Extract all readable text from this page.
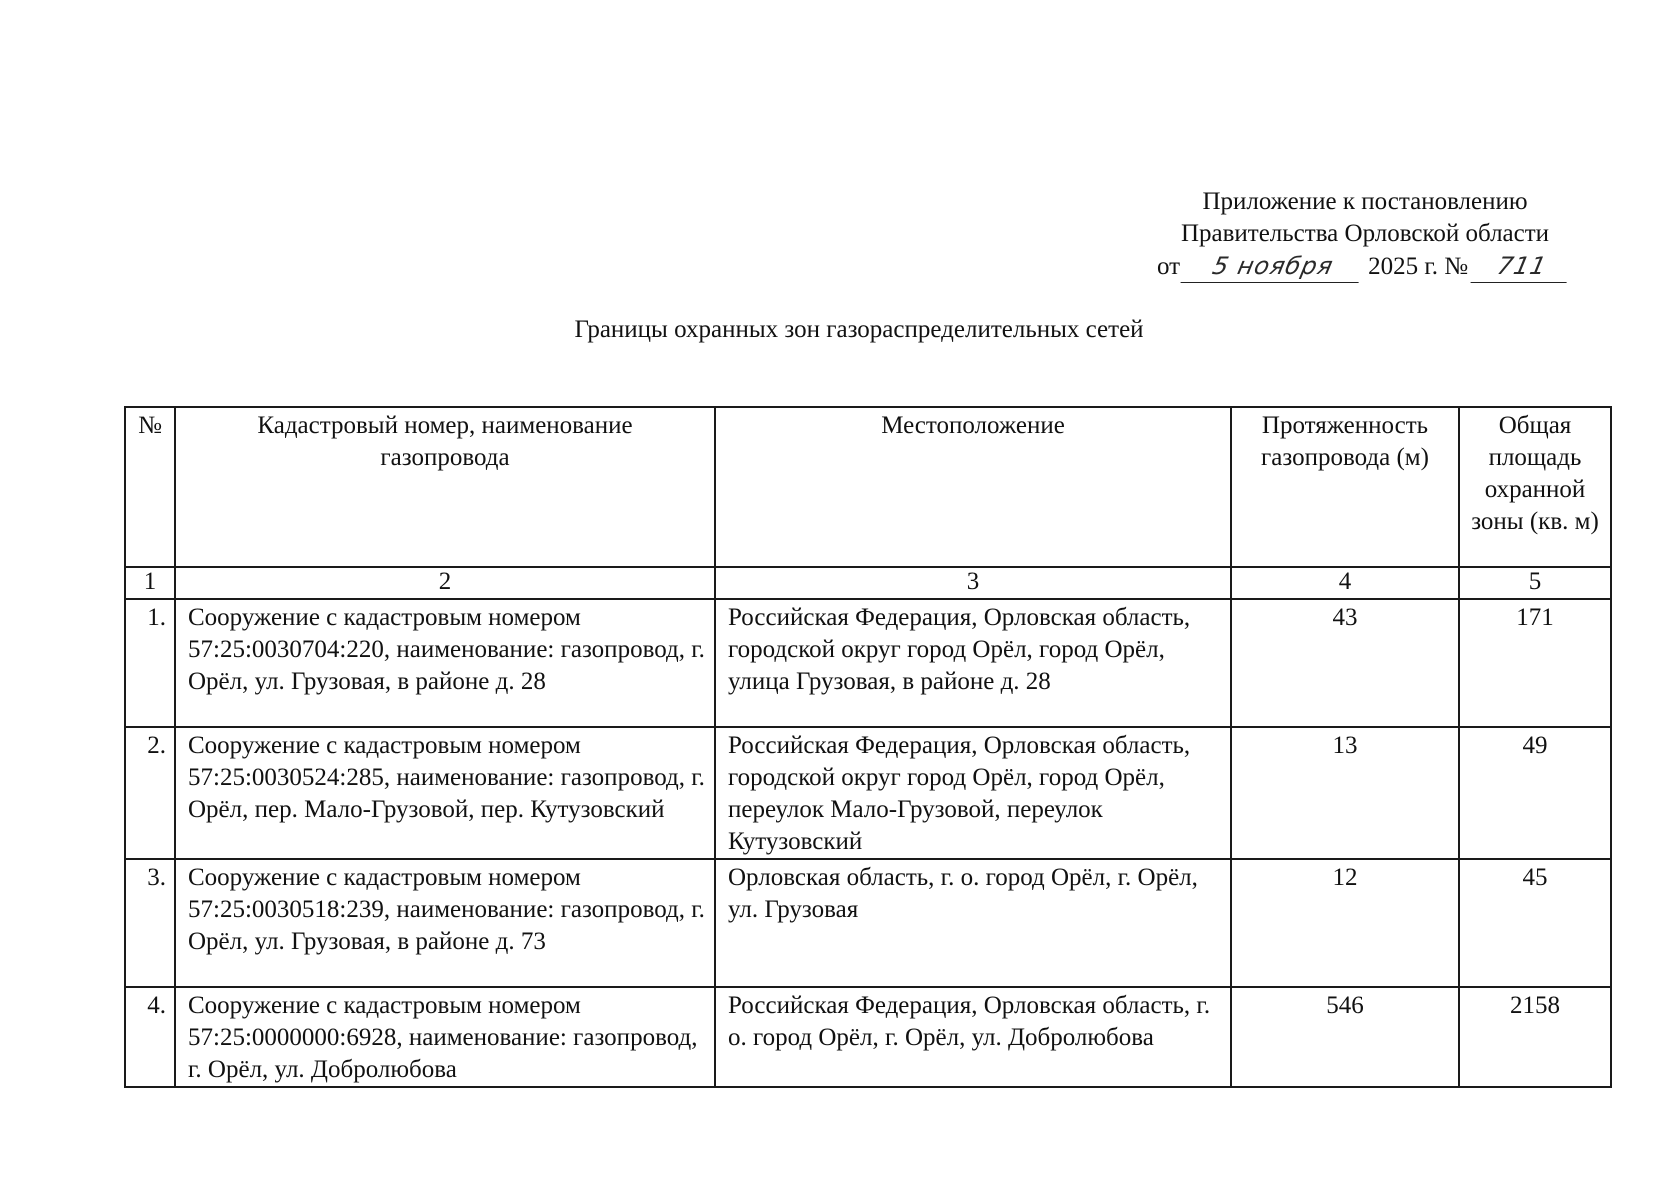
Приложение к постановлению
Правительства Орловской области
от 5 ноября 2025 г. № 711
Границы охранных зон газораспределительных сетей
№	Кадастровый номер, наименование газопровода	Местоположение	Протяженность газопровода (м)	Общая площадь охранной зоны (кв. м)
1	2	3	4	5
1.	Сооружение с кадастровым номером 57:25:0030704:220, наименование: газопровод, г. Орёл, ул. Грузовая, в районе д. 28	Российская Федерация, Орловская область, городской округ город Орёл, город Орёл, улица Грузовая, в районе д. 28	43	171
2.	Сооружение с кадастровым номером 57:25:0030524:285, наименование: газопровод, г. Орёл, пер. Мало-Грузовой, пер. Кутузовский	Российская Федерация, Орловская область, городской округ город Орёл, город Орёл, переулок Мало-Грузовой, переулок Кутузовский	13	49
3.	Сооружение с кадастровым номером 57:25:0030518:239, наименование: газопровод, г. Орёл, ул. Грузовая, в районе д. 73	Орловская область, г. о. город Орёл, г. Орёл, ул. Грузовая	12	45
4.	Сооружение с кадастровым номером 57:25:0000000:6928, наименование: газопровод, г. Орёл, ул. Добролюбова	Российская Федерация, Орловская область, г. о. город Орёл, г. Орёл, ул. Добролюбова	546	2158
